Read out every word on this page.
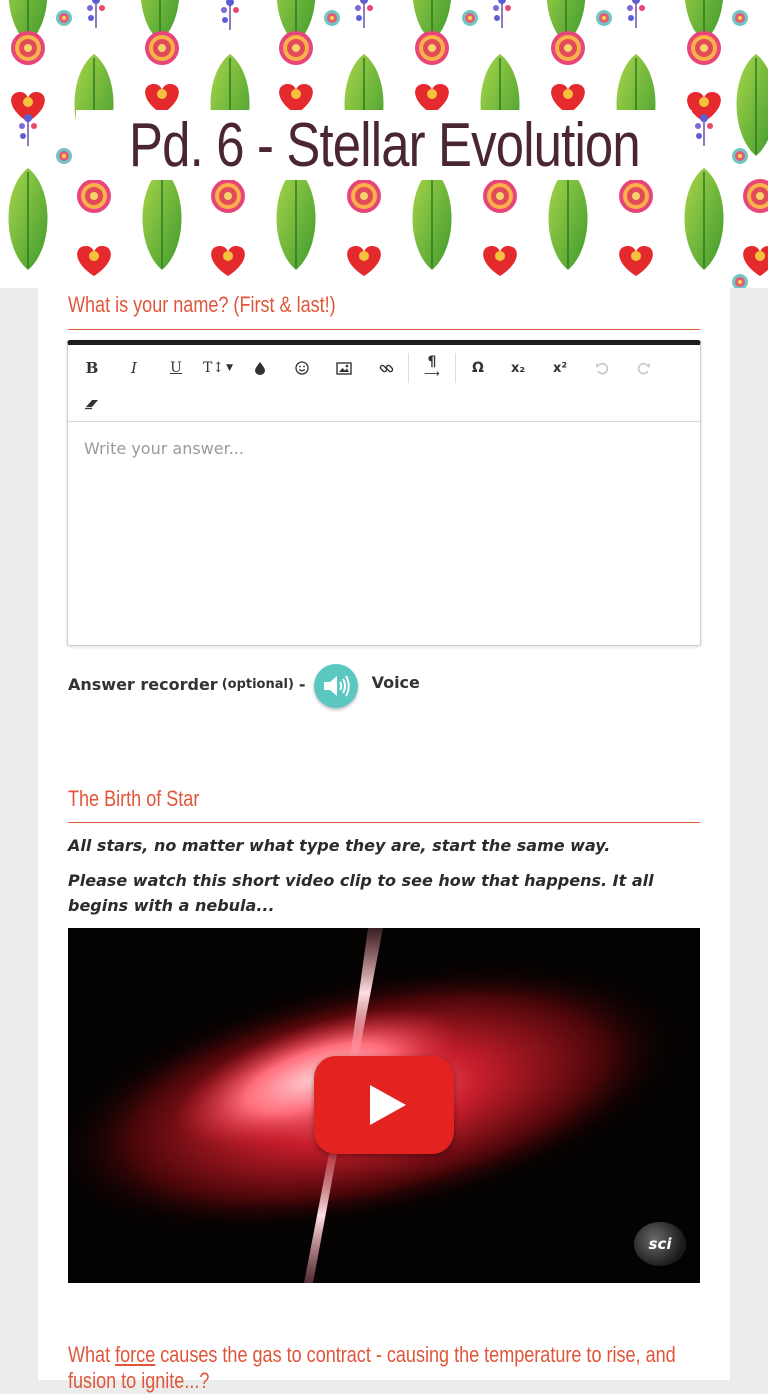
Pd. 6 - Stellar Evolution
What is your name? (First & last!)
B	I	U	T↕ ▼	¶
⟶	Ω	x₂	x²
Write your answer...
Answer recorder (optional) -	Voice
The Birth of Star
All stars, no matter what type they are, start the same way.
Please watch this short video clip to see how that happens. It all begins with a nebula...
sci
What force causes the gas to contract - causing the temperature to rise, and fusion to ignite...?
